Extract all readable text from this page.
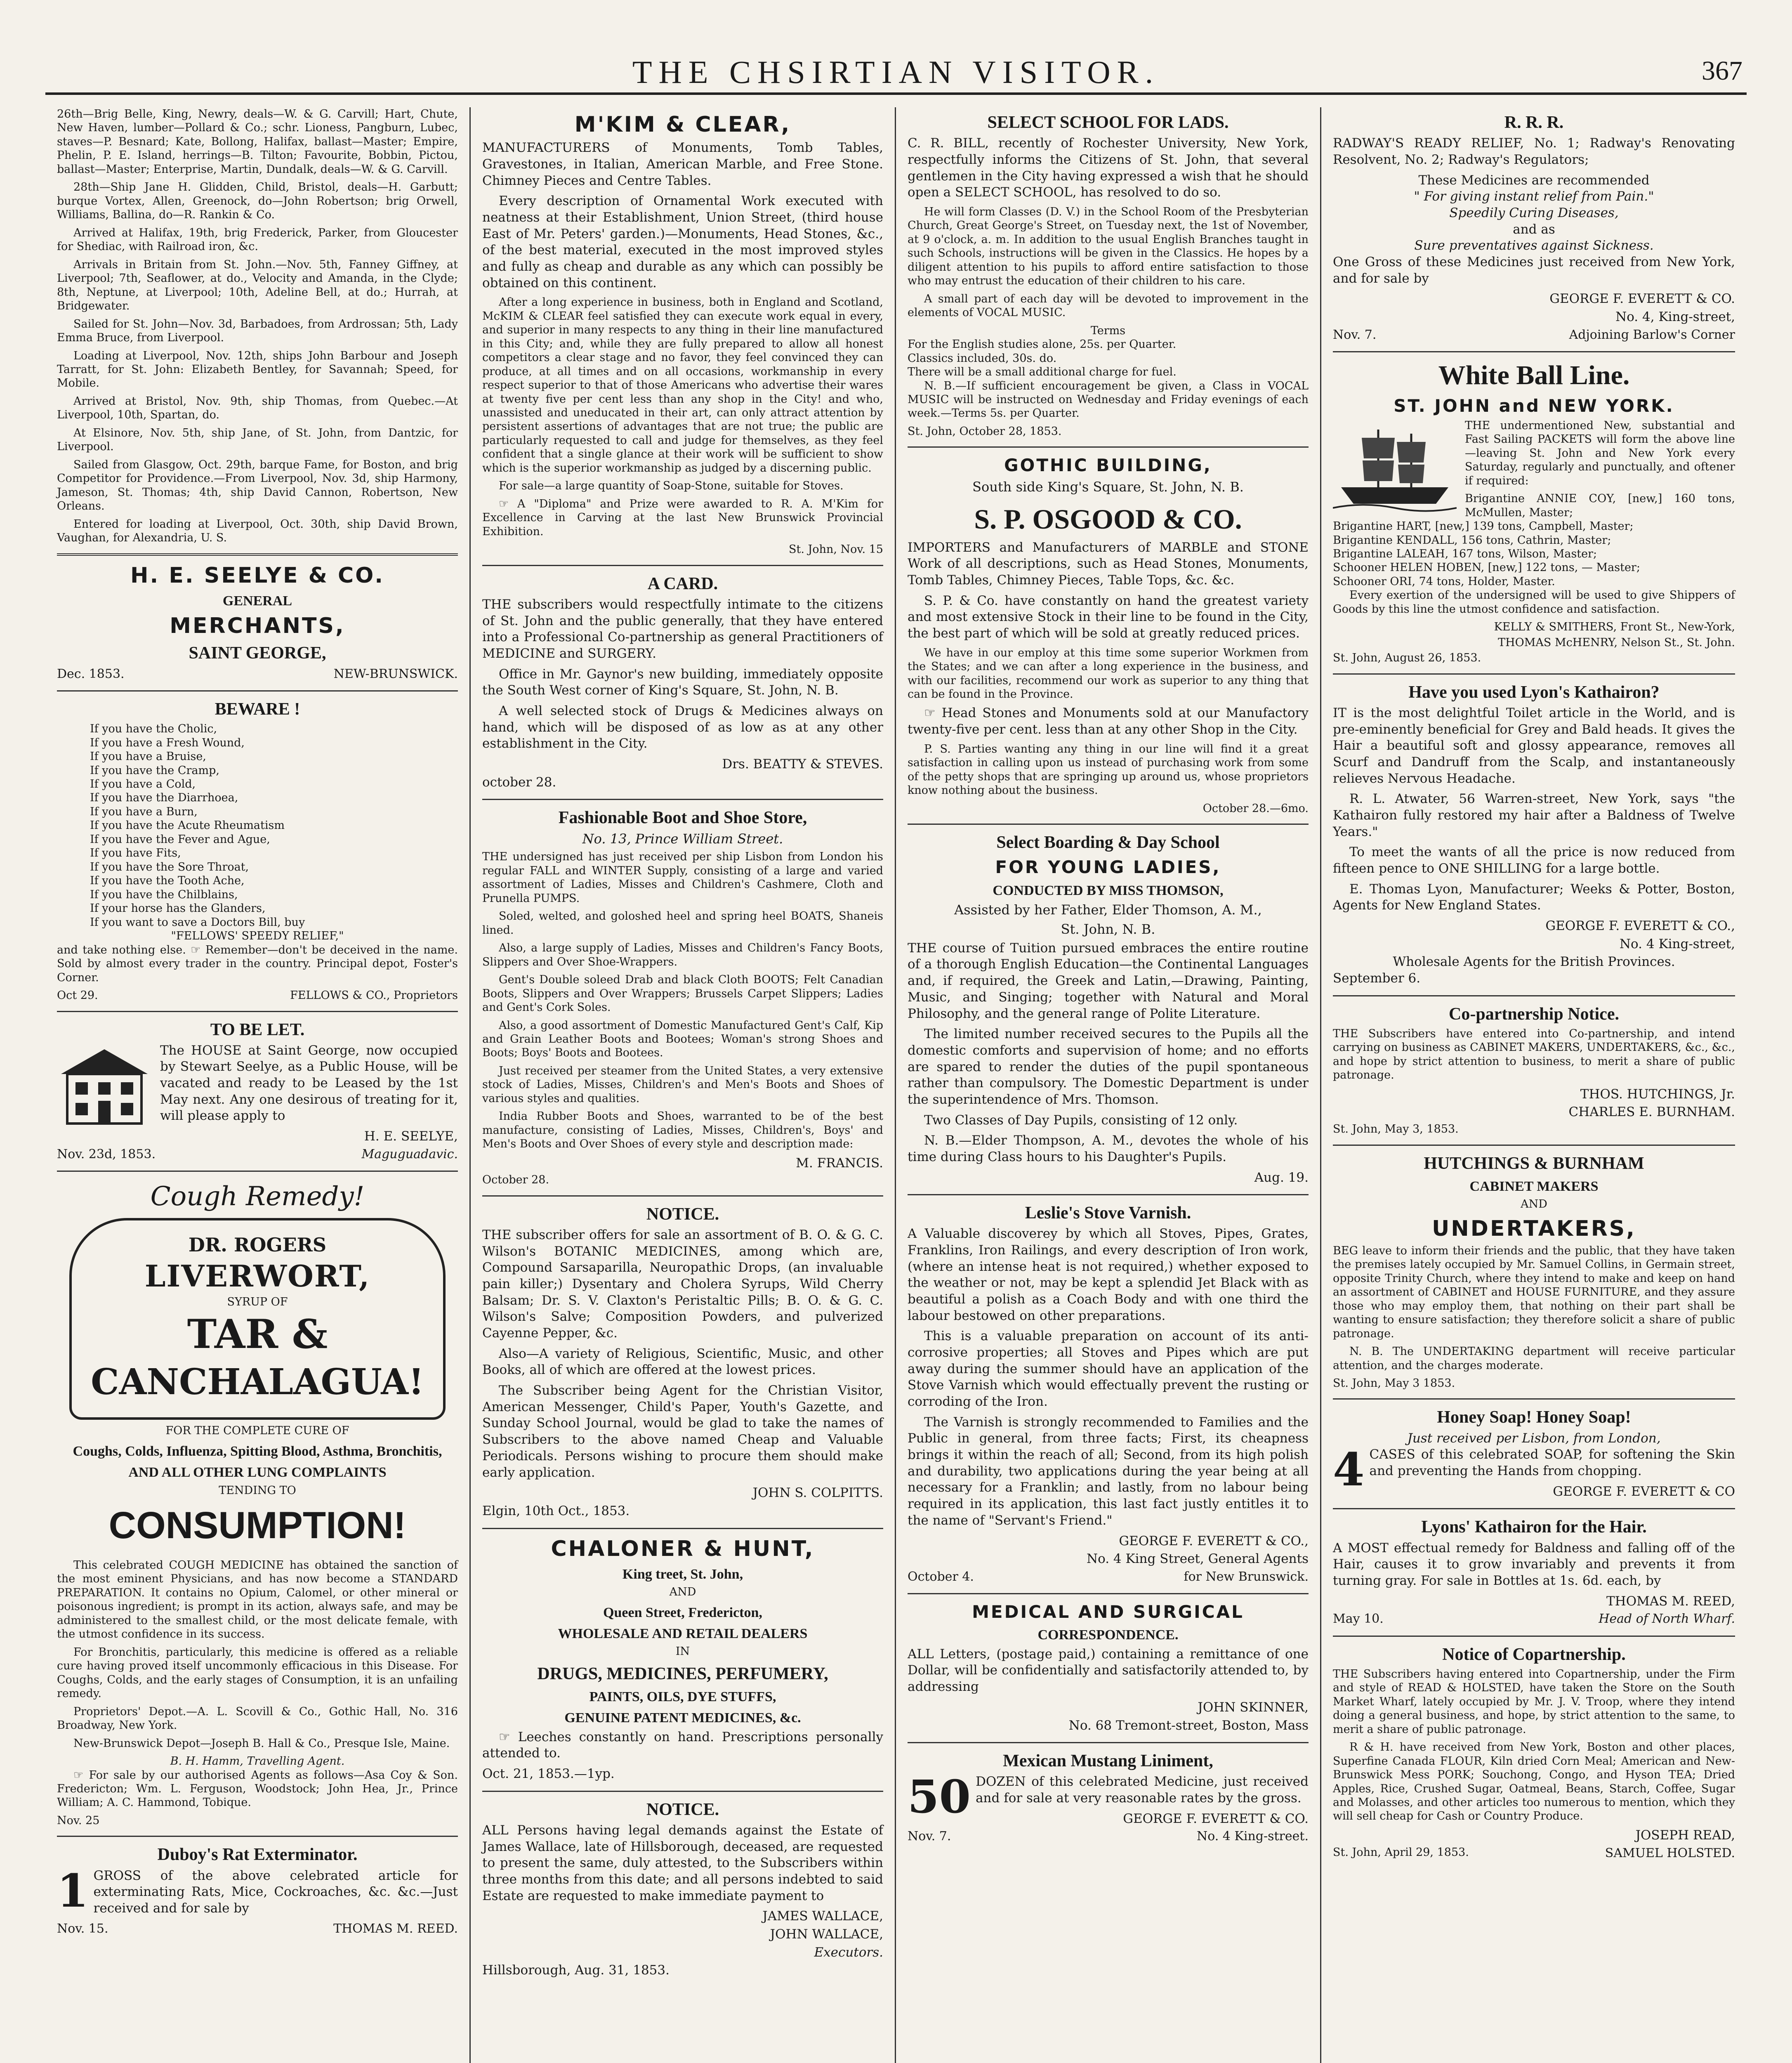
THE CHSIRTIAN VISITOR.	367

26th—Brig Belle, King, Newry, deals—W. & G. Carvill; Hart, Chute, New Haven, lumber—Pollard & Co.; schr. Lioness, Pangburn, Lubec, staves—P. Besnard; Kate, Bollong, Halifax, ballast—Master; Empire, Phelin, P. E. Island, herrings—B. Tilton; Favourite, Bobbin, Pictou, ballast—Master; Enterprise, Martin, Dundalk, deals—W. & G. Carvill.

28th—Ship Jane H. Glidden, Child, Bristol, deals—H. Garbutt; burque Vortex, Allen, Greenock, do—John Robertson; brig Orwell, Williams, Ballina, do—R. Rankin & Co.

Arrived at Halifax, 19th, brig Frederick, Parker, from Gloucester for Shediac, with Railroad iron, &c.

Arrivals in Britain from St. John.—Nov. 5th, Fanney Giffney, at Liverpool; 7th, Seaflower, at do., Velocity and Amanda, in the Clyde; 8th, Neptune, at Liverpool; 10th, Adeline Bell, at do.; Hurrah, at Bridgewater.

Sailed for St. John—Nov. 3d, Barbadoes, from Ardrossan; 5th, Lady Emma Bruce, from Liverpool.

Loading at Liverpool, Nov. 12th, ships John Barbour and Joseph Tarratt, for St. John: Elizabeth Bentley, for Savannah; Speed, for Mobile.

Arrived at Bristol, Nov. 9th, ship Thomas, from Quebec.—At Liverpool, 10th, Spartan, do.

At Elsinore, Nov. 5th, ship Jane, of St. John, from Dantzic, for Liverpool.

Sailed from Glasgow, Oct. 29th, barque Fame, for Boston, and brig Competitor for Providence.—From Liverpool, Nov. 3d, ship Harmony, Jameson, St. Thomas; 4th, ship David Cannon, Robertson, New Orleans.

Entered for loading at Liverpool, Oct. 30th, ship David Brown, Vaughan, for Alexandria, U. S.

H. E. SEELYE & CO.
GENERAL
MERCHANTS,
SAINT GEORGE,
Dec. 1853.	NEW-BRUNSWICK.
BEWARE !
If you have the Cholic,
If you have a Fresh Wound,
If you have a Bruise,
If you have the Cramp,
If you have a Cold,
If you have the Diarrhoea,
If you have a Burn,
If you have the Acute Rheumatism
If you have the Fever and Ague,
If you have Fits,
If you have the Sore Throat,
If you have the Tooth Ache,
If you have the Chilblains,
If your horse has the Glanders,
If you want to save a Doctors Bill, buy
"FELLOWS' SPEEDY RELIEF,"

and take nothing else. ☞ Remember—don't be deceived in the name. Sold by almost every trader in the country. Principal depot, Foster's Corner.

Oct 29.	FELLOWS & CO., Proprietors
TO BE LET.

The HOUSE at Saint George, now occupied by Stewart Seelye, as a Public House, will be vacated and ready to be Leased by the 1st May next. Any one desirous of treating for it, will please apply to

H. E. SEELYE,
Nov. 23d, 1853.	Maguguadavic.
Cough Remedy!
DR. ROGERS
LIVERWORT,
SYRUP OF
TAR &
CANCHALAGUA!
FOR THE COMPLETE CURE OF
Coughs, Colds, Influenza, Spitting Blood, Asthma, Bronchitis,
AND ALL OTHER LUNG COMPLAINTS
TENDING TO
CONSUMPTION!

This celebrated COUGH MEDICINE has obtained the sanction of the most eminent Physicians, and has now become a STANDARD PREPARATION. It contains no Opium, Calomel, or other mineral or poisonous ingredient; is prompt in its action, always safe, and may be administered to the smallest child, or the most delicate female, with the utmost confidence in its success.

For Bronchitis, particularly, this medicine is offered as a reliable cure having proved itself uncommonly efficacious in this Disease. For Coughs, Colds, and the early stages of Consumption, it is an unfailing remedy.

Proprietors' Depot.—A. L. Scovill & Co., Gothic Hall, No. 316 Broadway, New York.

New-Brunswick Depot—Joseph B. Hall & Co., Presque Isle, Maine.

B. H. Hamm, Travelling Agent.

☞ For sale by our authorised Agents as follows—Asa Coy & Son. Fredericton; Wm. L. Ferguson, Woodstock; John Hea, Jr., Prince William; A. C. Hammond, Tobique.

Nov. 25
Duboy's Rat Exterminator.
1 GROSS of the above celebrated article for exterminating Rats, Mice, Cockroaches, &c. &c.—Just received and for sale by

Nov. 15.	THOMAS M. REED.
M'KIM & CLEAR,

MANUFACTURERS of Monuments, Tomb Tables, Gravestones, in Italian, American Marble, and Free Stone. Chimney Pieces and Centre Tables.

Every description of Ornamental Work executed with neatness at their Establishment, Union Street, (third house East of Mr. Peters' garden.)—Monuments, Head Stones, &c., of the best material, executed in the most improved styles and fully as cheap and durable as any which can possibly be obtained on this continent.

After a long experience in business, both in England and Scotland, McKIM & CLEAR feel satisfied they can execute work equal in every, and superior in many respects to any thing in their line manufactured in this City; and, while they are fully prepared to allow all honest competitors a clear stage and no favor, they feel convinced they can produce, at all times and on all occasions, workmanship in every respect superior to that of those Americans who advertise their wares at twenty five per cent less than any shop in the City! and who, unassisted and uneducated in their art, can only attract attention by persistent assertions of advantages that are not true; the public are particularly requested to call and judge for themselves, as they feel confident that a single glance at their work will be sufficient to show which is the superior workmanship as judged by a discerning public.

For sale—a large quantity of Soap-Stone, suitable for Stoves.

☞ A "Diploma" and Prize were awarded to R. A. M'Kim for Excellence in Carving at the last New Brunswick Provincial Exhibition.

St. John, Nov. 15
A CARD.

THE subscribers would respectfully intimate to the citizens of St. John and the public generally, that they have entered into a Professional Co-partnership as general Practitioners of MEDICINE and SURGERY.

Office in Mr. Gaynor's new building, immediately opposite the South West corner of King's Square, St. John, N. B.

A well selected stock of Drugs & Medicines always on hand, which will be disposed of as low as at any other establishment in the City.

Drs. BEATTY & STEVES.
october 28.
Fashionable Boot and Shoe Store,
No. 13, Prince William Street.

THE undersigned has just received per ship Lisbon from London his regular FALL and WINTER Supply, consisting of a large and varied assortment of Ladies, Misses and Children's Cashmere, Cloth and Prunella PUMPS.

Soled, welted, and goloshed heel and spring heel BOATS, Shaneis lined.

Also, a large supply of Ladies, Misses and Children's Fancy Boots, Slippers and Over Shoe-Wrappers.

Gent's Double soleed Drab and black Cloth BOOTS; Felt Canadian Boots, Slippers and Over Wrappers; Brussels Carpet Slippers; Ladies and Gent's Cork Soles.

Also, a good assortment of Domestic Manufactured Gent's Calf, Kip and Grain Leather Boots and Bootees; Woman's strong Shoes and Boots; Boys' Boots and Bootees.

Just received per steamer from the United States, a very extensive stock of Ladies, Misses, Children's and Men's Boots and Shoes of various styles and qualities.

India Rubber Boots and Shoes, warranted to be of the best manufacture, consisting of Ladies, Misses, Children's, Boys' and Men's Boots and Over Shoes of every style and description made:

M. FRANCIS.
October 28.
NOTICE.

THE subscriber offers for sale an assortment of B. O. & G. C. Wilson's BOTANIC MEDICINES, among which are, Compound Sarsaparilla, Neuropathic Drops, (an invaluable pain killer;) Dysentary and Cholera Syrups, Wild Cherry Balsam; Dr. S. V. Claxton's Peristaltic Pills; B. O. & G. C. Wilson's Salve; Composition Powders, and pulverized Cayenne Pepper, &c.

Also—A variety of Religious, Scientific, Music, and other Books, all of which are offered at the lowest prices.

The Subscriber being Agent for the Christian Visitor, American Messenger, Child's Paper, Youth's Gazette, and Sunday School Journal, would be glad to take the names of Subscribers to the above named Cheap and Valuable Periodicals. Persons wishing to procure them should make early application.

JOHN S. COLPITTS.
Elgin, 10th Oct., 1853.
CHALONER & HUNT,
King treet, St. John,
AND
Queen Street, Fredericton,
WHOLESALE AND RETAIL DEALERS
IN
DRUGS, MEDICINES, PERFUMERY,
PAINTS, OILS, DYE STUFFS,
GENUINE PATENT MEDICINES, &c.

☞ Leeches constantly on hand. Prescriptions personally attended to.

Oct. 21, 1853.—1yp.
NOTICE.

ALL Persons having legal demands against the Estate of James Wallace, late of Hillsborough, deceased, are requested to present the same, duly attested, to the Subscribers within three months from this date; and all persons indebted to said Estate are requested to make immediate payment to

JAMES WALLACE,
JOHN WALLACE,
Executors.
Hillsborough, Aug. 31, 1853.
SELECT SCHOOL FOR LADS.

C. R. BILL, recently of Rochester University, New York, respectfully informs the Citizens of St. John, that several gentlemen in the City having expressed a wish that he should open a SELECT SCHOOL, has resolved to do so.

He will form Classes (D. V.) in the School Room of the Presbyterian Church, Great George's Street, on Tuesday next, the 1st of November, at 9 o'clock, a. m. In addition to the usual English Branches taught in such Schools, instructions will be given in the Classics. He hopes by a diligent attention to his pupils to afford entire satisfaction to those who may entrust the education of their children to his care.

A small part of each day will be devoted to improvement in the elements of VOCAL MUSIC.

Terms
For the English studies alone, 25s. per Quarter.
Classics included, 30s. do.
There will be a small additional charge for fuel.

N. B.—If sufficient encouragement be given, a Class in VOCAL MUSIC will be instructed on Wednesday and Friday evenings of each week.—Terms 5s. per Quarter.

St. John, October 28, 1853.
GOTHIC BUILDING,
South side King's Square, St. John, N. B.
S. P. OSGOOD & CO.

IMPORTERS and Manufacturers of MARBLE and STONE Work of all descriptions, such as Head Stones, Monuments, Tomb Tables, Chimney Pieces, Table Tops, &c. &c.

S. P. & Co. have constantly on hand the greatest variety and most extensive Stock in their line to be found in the City, the best part of which will be sold at greatly reduced prices.

We have in our employ at this time some superior Workmen from the States; and we can after a long experience in the business, and with our facilities, recommend our work as superior to any thing that can be found in the Province.

☞ Head Stones and Monuments sold at our Manufactory twenty-five per cent. less than at any other Shop in the City.

P. S. Parties wanting any thing in our line will find it a great satisfaction in calling upon us instead of purchasing work from some of the petty shops that are springing up around us, whose proprietors know nothing about the business.

October 28.—6mo.
Select Boarding & Day School
FOR YOUNG LADIES,
CONDUCTED BY MISS THOMSON,
Assisted by her Father, Elder Thomson, A. M.,
St. John, N. B.

THE course of Tuition pursued embraces the entire routine of a thorough English Education—the Continental Languages and, if required, the Greek and Latin,—Drawing, Painting, Music, and Singing; together with Natural and Moral Philosophy, and the general range of Polite Literature.

The limited number received secures to the Pupils all the domestic comforts and supervision of home; and no efforts are spared to render the duties of the pupil spontaneous rather than compulsory. The Domestic Department is under the superintendence of Mrs. Thomson.

Two Classes of Day Pupils, consisting of 12 only.

N. B.—Elder Thompson, A. M., devotes the whole of his time during Class hours to his Daughter's Pupils.

Aug. 19.
Leslie's Stove Varnish.

A Valuable discoverey by which all Stoves, Pipes, Grates, Franklins, Iron Railings, and every description of Iron work, (where an intense heat is not required,) whether exposed to the weather or not, may be kept a splendid Jet Black with as beautiful a polish as a Coach Body and with one third the labour bestowed on other preparations.

This is a valuable preparation on account of its anti-corrosive properties; all Stoves and Pipes which are put away during the summer should have an application of the Stove Varnish which would effectually prevent the rusting or corroding of the Iron.

The Varnish is strongly recommended to Families and the Public in general, from three facts; First, its cheapness brings it within the reach of all; Second, from its high polish and durability, two applications during the year being at all necessary for a Franklin; and lastly, from no labour being required in its application, this last fact justly entitles it to the name of "Servant's Friend."

GEORGE F. EVERETT & CO.,
No. 4 King Street, General Agents
October 4.	for New Brunswick.
MEDICAL AND SURGICAL
CORRESPONDENCE.

ALL Letters, (postage paid,) containing a remittance of one Dollar, will be confidentially and satisfactorily attended to, by addressing

JOHN SKINNER,
No. 68 Tremont-street, Boston, Mass
Mexican Mustang Liniment,
50 DOZEN of this celebrated Medicine, just received and for sale at very reasonable rates by the gross.

GEORGE F. EVERETT & CO.
Nov. 7.	No. 4 King-street.
R. R. R.

RADWAY'S READY RELIEF, No. 1; Radway's Renovating Resolvent, No. 2; Radway's Regulators;

These Medicines are recommended
" For giving instant relief from Pain."
Speedily Curing Diseases,
and as
Sure preventatives against Sickness.

One Gross of these Medicines just received from New York, and for sale by

GEORGE F. EVERETT & CO.
No. 4, King-street,
Nov. 7.	Adjoining Barlow's Corner
White Ball Line.
ST. JOHN and NEW YORK.

THE undermentioned New, substantial and Fast Sailing PACKETS will form the above line—leaving St. John and New York every Saturday, regularly and punctually, and oftener if required:

Brigantine ANNIE COY, [new,] 160 tons, McMullen, Master;
Brigantine HART, [new,] 139 tons, Campbell, Master;
Brigantine KENDALL, 156 tons, Cathrin, Master;
Brigantine LALEAH, 167 tons, Wilson, Master;
Schooner HELEN HOBEN, [new,] 122 tons, — Master;
Schooner ORI, 74 tons, Holder, Master.

Every exertion of the undersigned will be used to give Shippers of Goods by this line the utmost confidence and satisfaction.

KELLY & SMITHERS, Front St., New-York,
THOMAS McHENRY, Nelson St., St. John.
St. John, August 26, 1853.
Have you used Lyon's Kathairon?

IT is the most delightful Toilet article in the World, and is pre-eminently beneficial for Grey and Bald heads. It gives the Hair a beautiful soft and glossy appearance, removes all Scurf and Dandruff from the Scalp, and instantaneously relieves Nervous Headache.

R. L. Atwater, 56 Warren-street, New York, says "the Kathairon fully restored my hair after a Baldness of Twelve Years."

To meet the wants of all the price is now reduced from fifteen pence to ONE SHILLING for a large bottle.

E. Thomas Lyon, Manufacturer; Weeks & Potter, Boston, Agents for New England States.

GEORGE F. EVERETT & CO.,
No. 4 King-street,
Wholesale Agents for the British Provinces.
September 6.
Co-partnership Notice.

THE Subscribers have entered into Co-partnership, and intend carrying on business as CABINET MAKERS, UNDERTAKERS, &c., &c., and hope by strict attention to business, to merit a share of public patronage.

THOS. HUTCHINGS, Jr.
CHARLES E. BURNHAM.
St. John, May 3, 1853.
HUTCHINGS & BURNHAM
CABINET MAKERS
AND
UNDERTAKERS,

BEG leave to inform their friends and the public, that they have taken the premises lately occupied by Mr. Samuel Collins, in Germain street, opposite Trinity Church, where they intend to make and keep on hand an assortment of CABINET and HOUSE FURNITURE, and they assure those who may employ them, that nothing on their part shall be wanting to ensure satisfaction; they therefore solicit a share of public patronage.

N. B. The UNDERTAKING department will receive particular attention, and the charges moderate.

St. John, May 3 1853.
Honey Soap! Honey Soap!
Just received per Lisbon, from London,
4 CASES of this celebrated SOAP, for softening the Skin and preventing the Hands from chopping.

GEORGE F. EVERETT & CO
Lyons' Kathairon for the Hair.

A MOST effectual remedy for Baldness and falling off of the Hair, causes it to grow invariably and prevents it from turning gray. For sale in Bottles at 1s. 6d. each, by

THOMAS M. REED,
May 10.	Head of North Wharf.
Notice of Copartnership.

THE Subscribers having entered into Copartnership, under the Firm and style of READ & HOLSTED, have taken the Store on the South Market Wharf, lately occupied by Mr. J. V. Troop, where they intend doing a general business, and hope, by strict attention to the same, to merit a share of public patronage.

R & H. have received from New York, Boston and other places, Superfine Canada FLOUR, Kiln dried Corn Meal; American and New-Brunswick Mess PORK; Souchong, Congo, and Hyson TEA; Dried Apples, Rice, Crushed Sugar, Oatmeal, Beans, Starch, Coffee, Sugar and Molasses, and other articles too numerous to mention, which they will sell cheap for Cash or Country Produce.

JOSEPH READ,
St. John, April 29, 1853.	SAMUEL HOLSTED.
